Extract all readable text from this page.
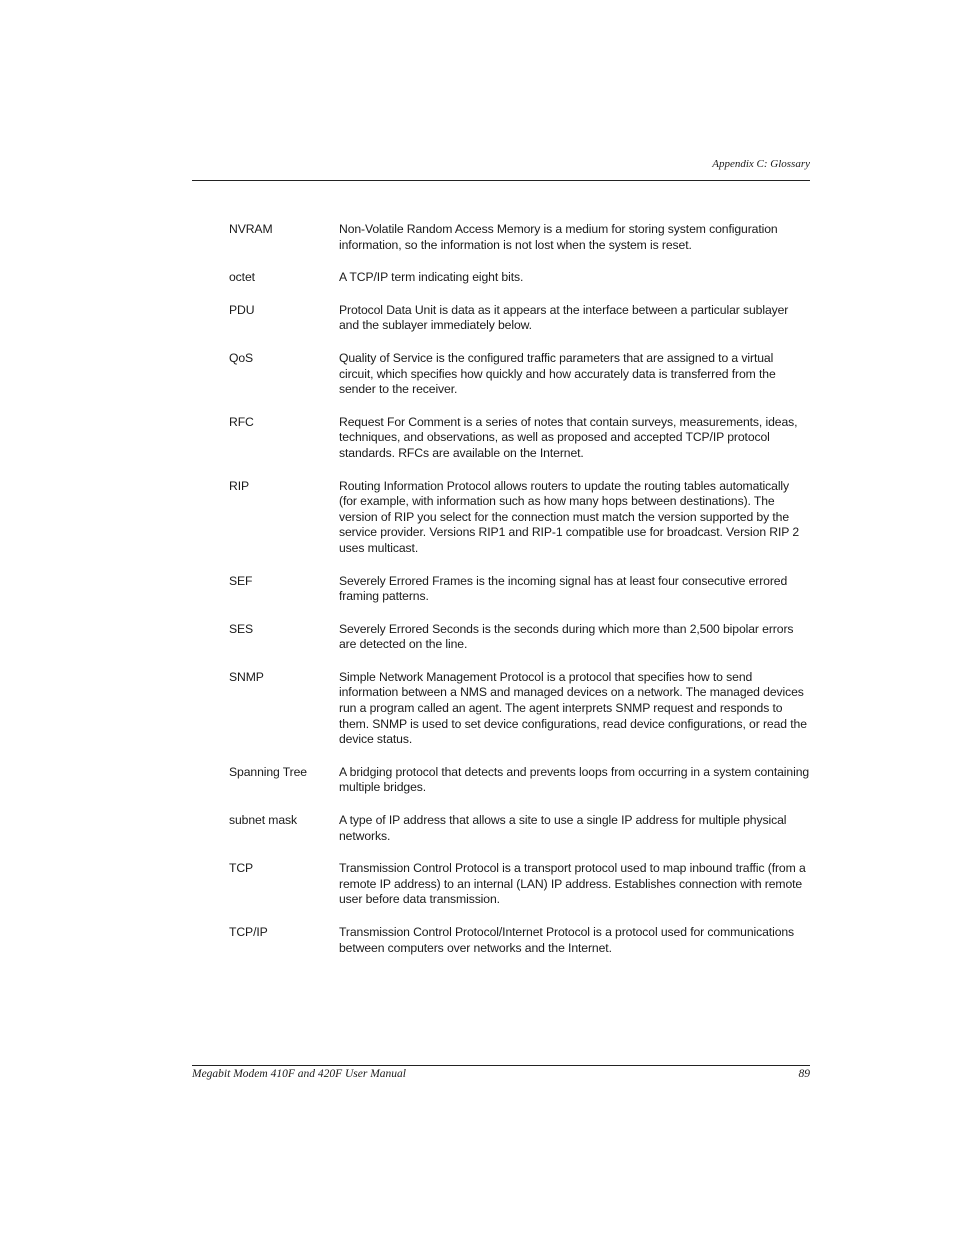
Appendix C: Glossary
NVRAM	Non-Volatile Random Access Memory is a medium for storing system configuration information, so the information is not lost when the system is reset.
octet	A TCP/IP term indicating eight bits.
PDU	Protocol Data Unit is data as it appears at the interface between a particular sublayer and the sublayer immediately below.
QoS	Quality of Service is the configured traffic parameters that are assigned to a virtual circuit, which specifies how quickly and how accurately data is transferred from the sender to the receiver.
RFC	Request For Comment is a series of notes that contain surveys, measurements, ideas, techniques, and observations, as well as proposed and accepted TCP/IP protocol standards. RFCs are available on the Internet.
RIP	Routing Information Protocol allows routers to update the routing tables automatically (for example, with information such as how many hops between destinations). The version of RIP you select for the connection must match the version supported by the service provider. Versions RIP1 and RIP-1 compatible use for broadcast. Version RIP 2 uses multicast.
SEF	Severely Errored Frames is the incoming signal has at least four consecutive errored framing patterns.
SES	Severely Errored Seconds is the seconds during which more than 2,500 bipolar errors are detected on the line.
SNMP	Simple Network Management Protocol is a protocol that specifies how to send information between a NMS and managed devices on a network. The managed devices run a program called an agent. The agent interprets SNMP request and responds to them. SNMP is used to set device configurations, read device configurations, or read the device status.
Spanning Tree	A bridging protocol that detects and prevents loops from occurring in a system containing multiple bridges.
subnet mask	A type of IP address that allows a site to use a single IP address for multiple physical networks.
TCP	Transmission Control Protocol is a transport protocol used to map inbound traffic (from a remote IP address) to an internal (LAN) IP address. Establishes connection with remote user before data transmission.
TCP/IP	Transmission Control Protocol/Internet Protocol is a protocol used for communications between computers over networks and the Internet.
Megabit Modem 410F and 420F User Manual	89
